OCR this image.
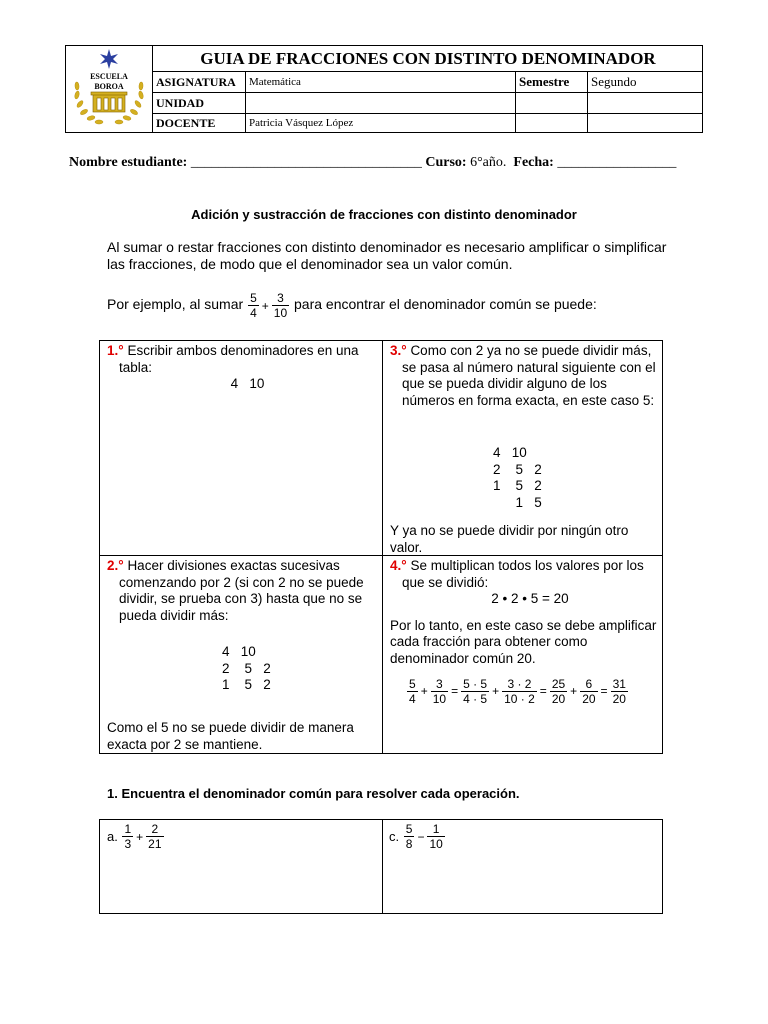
ESCUELA
BOROA
GUIA DE FRACCIONES CON DISTINTO DENOMINADOR
ASIGNATURA	Matemática	Semestre	Segundo
UNIDAD
DOCENTE	Patricia Vásquez López
Nombre estudiante: _________________________________ Curso: 6°año. Fecha: _________________
Adición y sustracción de fracciones con distinto denominador
Al sumar o restar fracciones con distinto denominador es necesario amplificar o simplificar las fracciones, de modo que el denominador sea un valor común.
Por ejemplo, al sumar $\frac{5}{4} + \frac{3}{10}$ para encontrar el denominador común se puede:
1.° Escribir ambos denominadores en una tabla:
4   10
3.° Como con 2 ya no se puede dividir más, se pasa al número natural siguiente con el que se pueda dividir alguno de los números en forma exacta, en este caso 5:
4   10
2    5   2
1    5   2
1   5
Y ya no se puede dividir por ningún otro valor.
2.° Hacer divisiones exactas sucesivas comenzando por 2 (si con 2 no se puede dividir, se prueba con 3) hasta que no se pueda dividir más:
4   10
2    5   2
1    5   2
Como el 5 no se puede dividir de manera exacta por 2 se mantiene.
4.° Se multiplican todos los valores por los que se dividió:
2 • 2 • 5 = 20
Por lo tanto, en este caso se debe amplificar cada fracción para obtener como denominador común 20.
$\frac{5}{4} + \frac{3}{10} = \frac{5 \cdot 5}{4 \cdot 5} + \frac{3 \cdot 2}{10 \cdot 2} = \frac{25}{20} + \frac{6}{20} = \frac{31}{20}$
1. Encuentra el denominador común para resolver cada operación.
a. $\frac{1}{3} + \frac{2}{21}$	c. $\frac{5}{8} - \frac{1}{10}$
